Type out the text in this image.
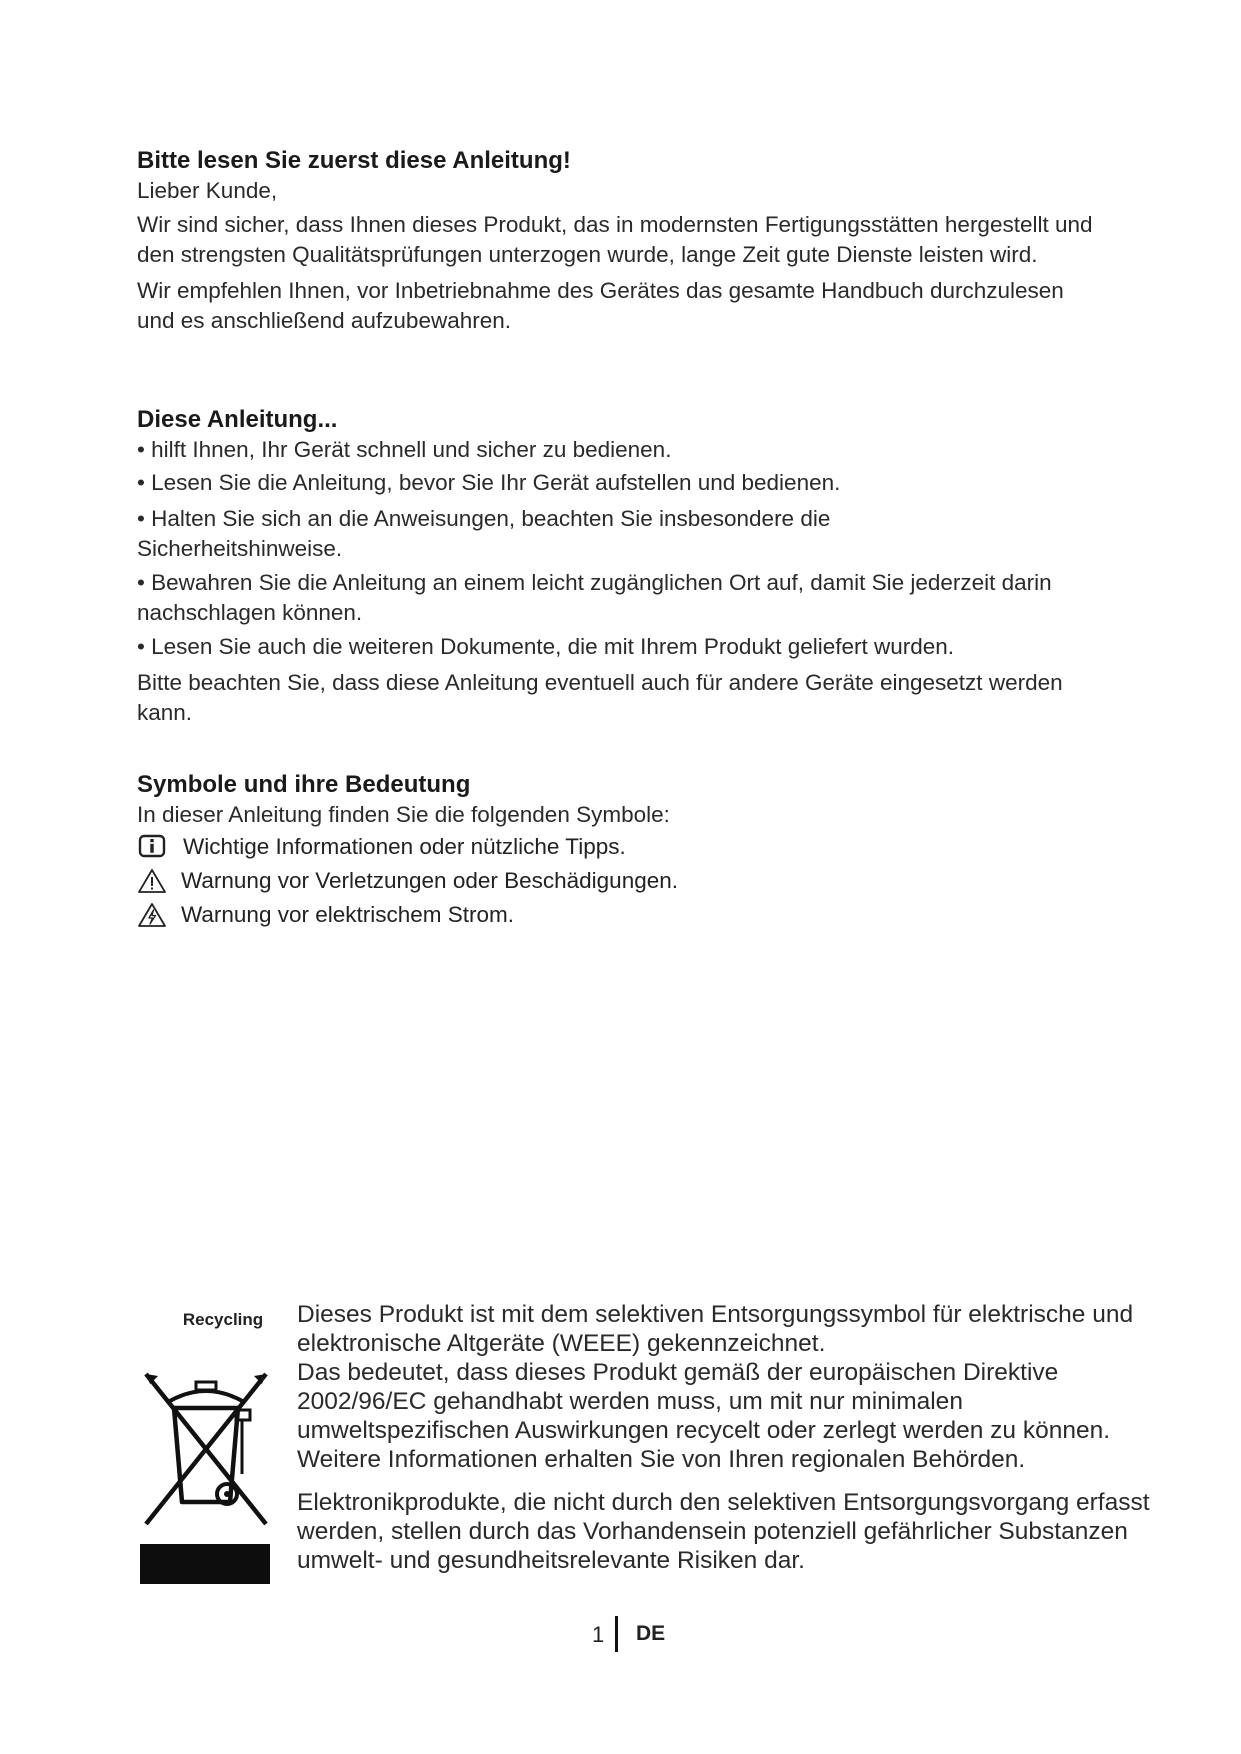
Bitte lesen Sie zuerst diese Anleitung!

Lieber Kunde,

Wir sind sicher, dass Ihnen dieses Produkt, das in modernsten Fertigungsstätten hergestellt und den strengsten Qualitätsprüfungen unterzogen wurde, lange Zeit gute Dienste leisten wird.

Wir empfehlen Ihnen, vor Inbetriebnahme des Gerätes das gesamte Handbuch durchzulesen und es anschließend aufzubewahren.

Diese Anleitung...

• hilft Ihnen, Ihr Gerät schnell und sicher zu bedienen.

• Lesen Sie die Anleitung, bevor Sie Ihr Gerät aufstellen und bedienen.

• Halten Sie sich an die Anweisungen, beachten Sie insbesondere die Sicherheitshinweise.

• Bewahren Sie die Anleitung an einem leicht zugänglichen Ort auf, damit Sie jederzeit darin nachschlagen können.

• Lesen Sie auch die weiteren Dokumente, die mit Ihrem Produkt geliefert wurden.

Bitte beachten Sie, dass diese Anleitung eventuell auch für andere Geräte eingesetzt werden kann.

Symbole und ihre Bedeutung

In dieser Anleitung finden Sie die folgenden Symbole:

Wichtige Informationen oder nützliche Tipps.
Warnung vor Verletzungen oder Beschädigungen.
Warnung vor elektrischem Strom.
Recycling	Dieses Produkt ist mit dem selektiven Entsorgungssymbol für elektrische und elektronische Altgeräte (WEEE) gekennzeichnet.

Das bedeutet, dass dieses Produkt gemäß der europäischen Direktive 2002/96/EC gehandhabt werden muss, um mit nur minimalen umweltspezifischen Auswirkungen recycelt oder zerlegt werden zu können. Weitere Informationen erhalten Sie von Ihren regionalen Behörden.

Elektronikprodukte, die nicht durch den selektiven Entsorgungsvorgang erfasst werden, stellen durch das Vorhandensein potenziell gefährlicher Substanzen umwelt- und gesundheitsrelevante Risiken dar.

1 DE
